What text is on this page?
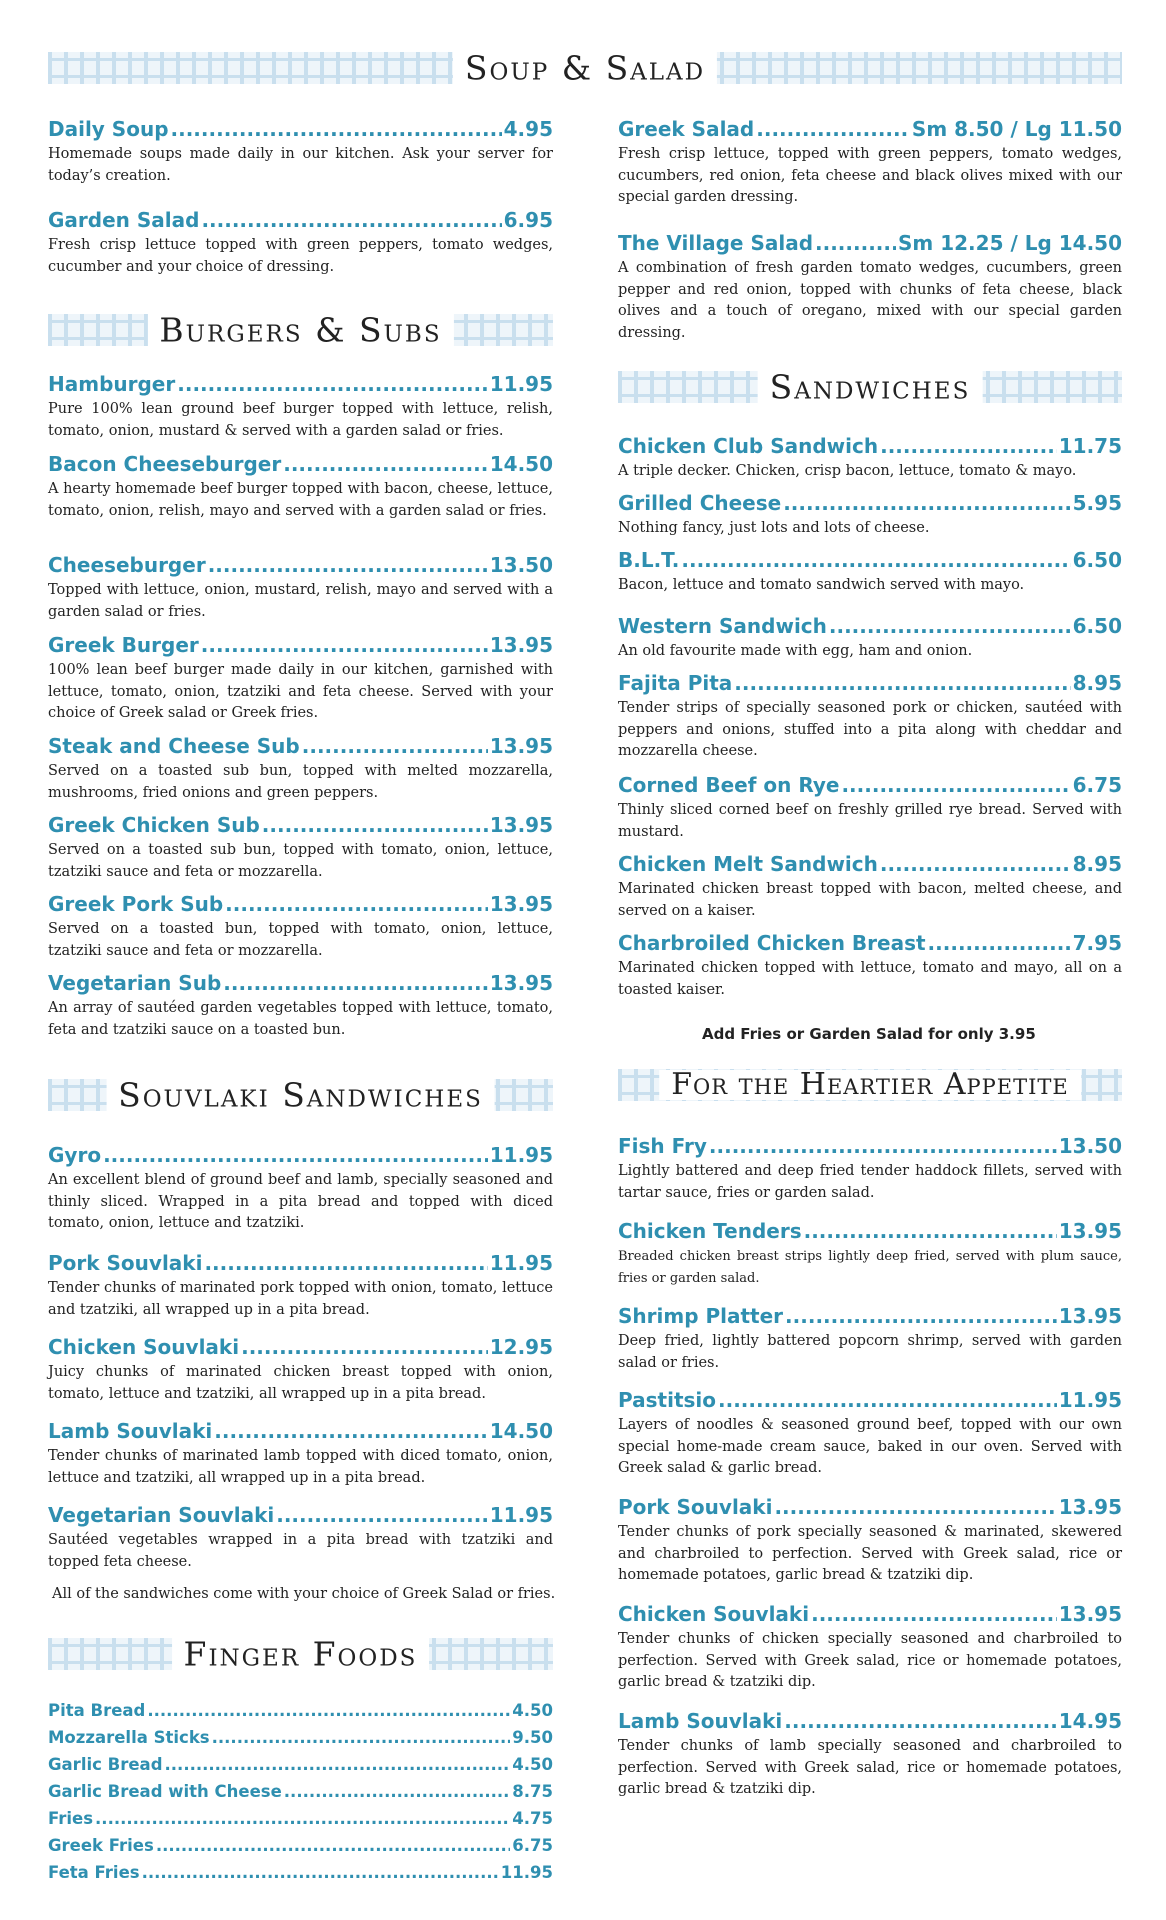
Soup & Salad
Daily Soup .....	4.95
Homemade soups made daily in our kitchen. Ask your server for today’s creation.
Garden Salad .....	6.95
Fresh crisp lettuce topped with green peppers, tomato wedges, cucumber and your choice of dressing.
Burgers & Subs
Hamburger .....	11.95
Pure 100% lean ground beef burger topped with lettuce, relish, tomato, onion, mustard & served with a garden salad or fries.
Bacon Cheeseburger .....	14.50
A hearty homemade beef burger topped with bacon, cheese, lettuce, tomato, onion, relish, mayo and served with a garden salad or fries.
Cheeseburger .....	13.50
Topped with lettuce, onion, mustard, relish, mayo and served with a garden salad or fries.
Greek Burger .....	13.95
100% lean beef burger made daily in our kitchen, garnished with lettuce, tomato, onion, tzatziki and feta cheese. Served with your choice of Greek salad or Greek fries.
Steak and Cheese Sub .....	13.95
Served on a toasted sub bun, topped with melted mozzarella, mushrooms, fried onions and green peppers.
Greek Chicken Sub .....	13.95
Served on a toasted sub bun, topped with tomato, onion, lettuce, tzatziki sauce and feta or mozzarella.
Greek Pork Sub .....	13.95
Served on a toasted bun, topped with tomato, onion, lettuce, tzatziki sauce and feta or mozzarella.
Vegetarian Sub .....	13.95
An array of sautéed garden vegetables topped with lettuce, tomato, feta and tzatziki sauce on a toasted bun.
Souvlaki Sandwiches
Gyro .....	11.95
An excellent blend of ground beef and lamb, specially seasoned and thinly sliced. Wrapped in a pita bread and topped with diced tomato, onion, lettuce and tzatziki.
Pork Souvlaki .....	11.95
Tender chunks of marinated pork topped with onion, tomato, lettuce and tzatziki, all wrapped up in a pita bread.
Chicken Souvlaki .....	12.95
Juicy chunks of marinated chicken breast topped with onion, tomato, lettuce and tzatziki, all wrapped up in a pita bread.
Lamb Souvlaki .....	14.50
Tender chunks of marinated lamb topped with diced tomato, onion, lettuce and tzatziki, all wrapped up in a pita bread.
Vegetarian Souvlaki .....	11.95
Sautéed vegetables wrapped in a pita bread with tzatziki and topped feta cheese.
All of the sandwiches come with your choice of Greek Salad or fries.
Finger Foods
Pita Bread .....	4.50
Mozzarella Sticks .....	9.50
Garlic Bread .....	4.50
Garlic Bread with Cheese .....	8.75
Fries .....	4.75
Greek Fries .....	6.75
Feta Fries .....	11.95
Greek Salad .....	Sm 8.50 / Lg 11.50
Fresh crisp lettuce, topped with green peppers, tomato wedges, cucumbers, red onion, feta cheese and black olives mixed with our special garden dressing.
The Village Salad .....	Sm 12.25 / Lg 14.50
A combination of fresh garden tomato wedges, cucumbers, green pepper and red onion, topped with chunks of feta cheese, black olives and a touch of oregano, mixed with our special garden dressing.
Sandwiches
Chicken Club Sandwich .....	11.75
A triple decker. Chicken, crisp bacon, lettuce, tomato & mayo.
Grilled Cheese .....	5.95
Nothing fancy, just lots and lots of cheese.
B.L.T. .....	6.50
Bacon, lettuce and tomato sandwich served with mayo.
Western Sandwich .....	6.50
An old favourite made with egg, ham and onion.
Fajita Pita .....	8.95
Tender strips of specially seasoned pork or chicken, sautéed with peppers and onions, stuffed into a pita along with cheddar and mozzarella cheese.
Corned Beef on Rye .....	6.75
Thinly sliced corned beef on freshly grilled rye bread. Served with mustard.
Chicken Melt Sandwich .....	8.95
Marinated chicken breast topped with bacon, melted cheese, and served on a kaiser.
Charbroiled Chicken Breast .....	7.95
Marinated chicken topped with lettuce, tomato and mayo, all on a toasted kaiser.
Add Fries or Garden Salad for only 3.95
For the Heartier Appetite
Fish Fry .....	13.50
Lightly battered and deep fried tender haddock fillets, served with tartar sauce, fries or garden salad.
Chicken Tenders .....	13.95
Breaded chicken breast strips lightly deep fried, served with plum sauce, fries or garden salad.
Shrimp Platter .....	13.95
Deep fried, lightly battered popcorn shrimp, served with garden salad or fries.
Pastitsio .....	11.95
Layers of noodles & seasoned ground beef, topped with our own special home-made cream sauce, baked in our oven. Served with Greek salad & garlic bread.
Pork Souvlaki .....	13.95
Tender chunks of pork specially seasoned & marinated, skewered and charbroiled to perfection. Served with Greek salad, rice or homemade potatoes, garlic bread & tzatziki dip.
Chicken Souvlaki .....	13.95
Tender chunks of chicken specially seasoned and charbroiled to perfection. Served with Greek salad, rice or homemade potatoes, garlic bread & tzatziki dip.
Lamb Souvlaki .....	14.95
Tender chunks of lamb specially seasoned and charbroiled to perfection. Served with Greek salad, rice or homemade potatoes, garlic bread & tzatziki dip.
